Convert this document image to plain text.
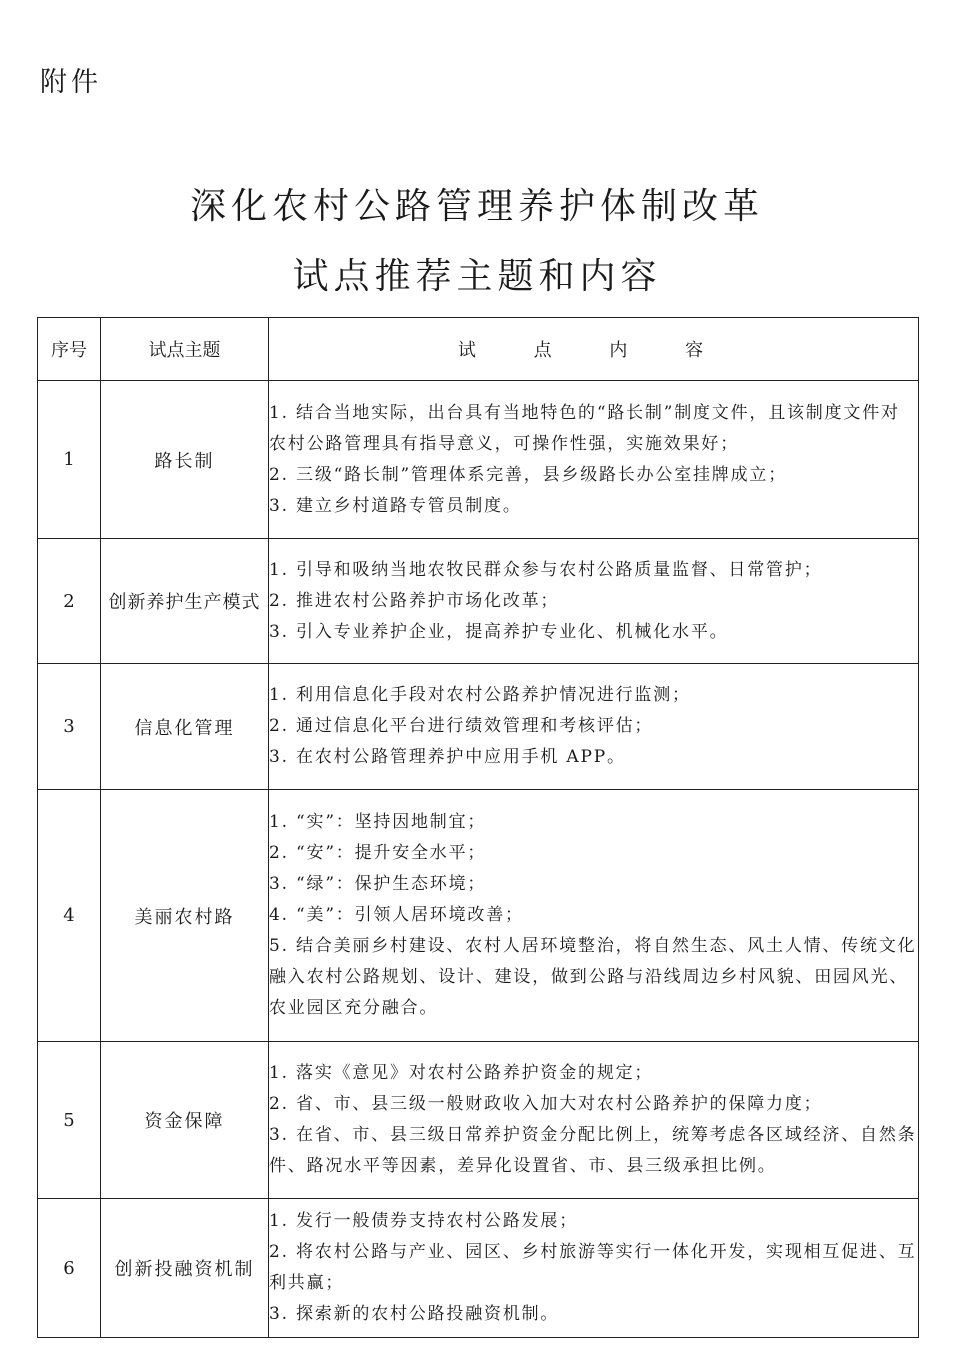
附件
深化农村公路管理养护体制改革
试点推荐主题和内容
序号	试点主题	试 点 内 容
1	路长制	1. 结合当地实际，出台具有当地特色的“路长制”制度文件，且该制度文件对农村公路管理具有指导意义，可操作性强，实施效果好；
2. 三级“路长制”管理体系完善，县乡级路长办公室挂牌成立；
3. 建立乡村道路专管员制度。

2	创新养护生产模式	1. 引导和吸纳当地农牧民群众参与农村公路质量监督、日常管护；
2. 推进农村公路养护市场化改革；
3. 引入专业养护企业，提高养护专业化、机械化水平。

3	信息化管理	1. 利用信息化手段对农村公路养护情况进行监测；
2. 通过信息化平台进行绩效管理和考核评估；
3. 在农村公路管理养护中应用手机 APP。

4	美丽农村路	1. “实”：坚持因地制宜；
2. “安”：提升安全水平；
3. “绿”：保护生态环境；
4. “美”：引领人居环境改善；
5. 结合美丽乡村建设、农村人居环境整治，将自然生态、风土人情、传统文化融入农村公路规划、设计、建设，做到公路与沿线周边乡村风貌、田园风光、农业园区充分融合。

5	资金保障	1. 落实《意见》对农村公路养护资金的规定；
2. 省、市、县三级一般财政收入加大对农村公路养护的保障力度；
3. 在省、市、县三级日常养护资金分配比例上，统筹考虑各区域经济、自然条件、路况水平等因素，差异化设置省、市、县三级承担比例。

6	创新投融资机制	1. 发行一般债券支持农村公路发展；
2. 将农村公路与产业、园区、乡村旅游等实行一体化开发，实现相互促进、互利共赢；
3. 探索新的农村公路投融资机制。
